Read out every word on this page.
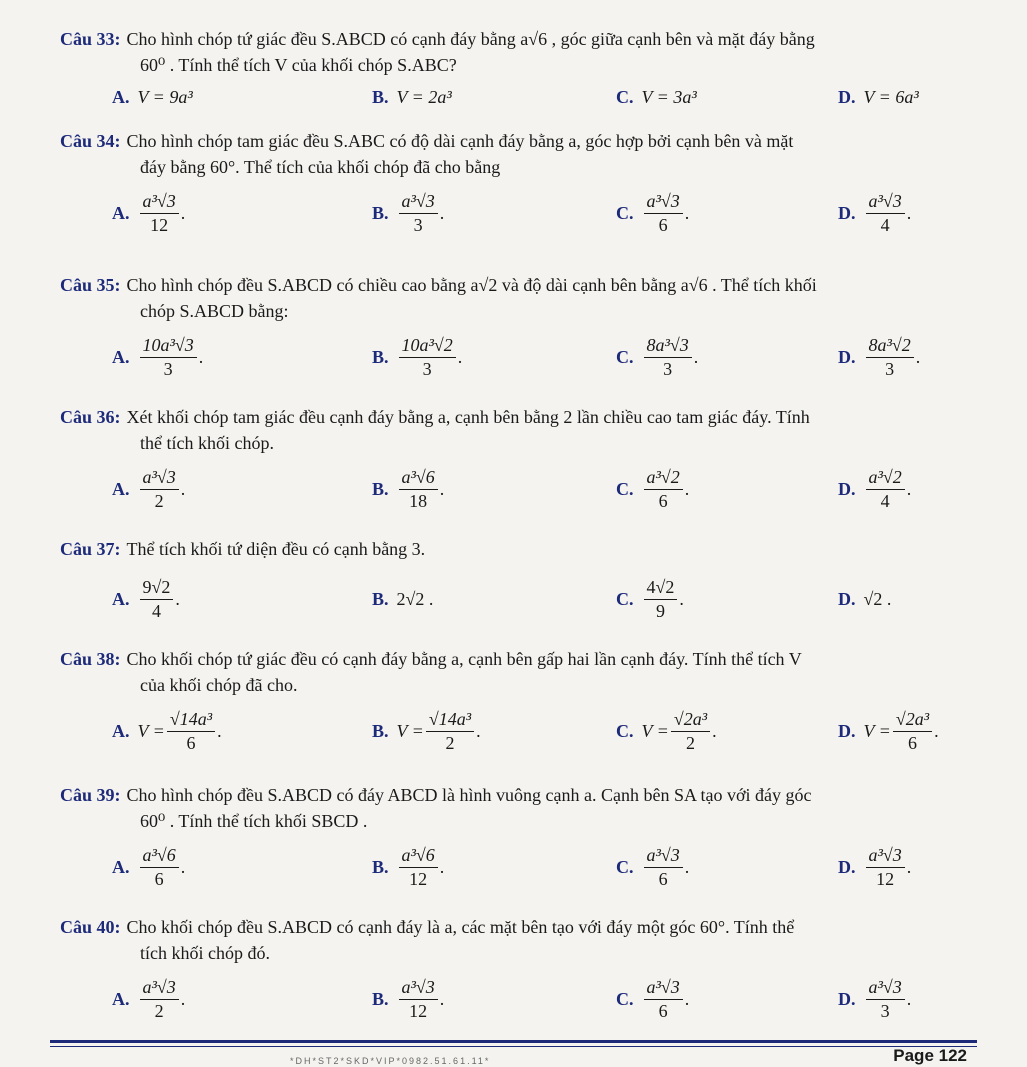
Câu 33: Cho hình chóp tứ giác đều S.ABCD có cạnh đáy bằng a√6 , góc giữa cạnh bên và mặt đáy bằng

60⁰ . Tính thể tích V của khối chóp S.ABC?
A. V = 9a³	B. V = 2a³	C. V = 3a³	D. V = 6a³

Câu 34: Cho hình chóp tam giác đều S.ABC có độ dài cạnh đáy bằng a, góc hợp bởi cạnh bên và mặt

đáy bằng 60°. Thể tích của khối chóp đã cho bằng
A. $\frac{\text{a³√3}}{12}$ .	B. $\frac{\text{a³√3}}{3}$ .	C. $\frac{\text{a³√3}}{6}$ .	D. $\frac{\text{a³√3}}{4}$ .

Câu 35: Cho hình chóp đều S.ABCD có chiều cao bằng a√2 và độ dài cạnh bên bằng a√6 . Thể tích khối

chóp S.ABCD bằng:
A. $\frac{\text{10a³√3}}{3}$ .	B. $\frac{\text{10a³√2}}{3}$ .	C. $\frac{\text{8a³√3}}{3}$ .	D. $\frac{\text{8a³√2}}{3}$ .

Câu 36: Xét khối chóp tam giác đều cạnh đáy bằng a, cạnh bên bằng 2 lần chiều cao tam giác đáy. Tính

thể tích khối chóp.
A. $\frac{\text{a³√3}}{2}$ .	B. $\frac{\text{a³√6}}{18}$ .	C. $\frac{\text{a³√2}}{6}$ .	D. $\frac{\text{a³√2}}{4}$ .

Câu 37: Thể tích khối tứ diện đều có cạnh bằng 3.

A. $\frac{9√2}{4}$ .	B. 2√2 .	C. $\frac{4√2}{9}$ .	D. √2 .

Câu 38: Cho khối chóp tứ giác đều có cạnh đáy bằng a, cạnh bên gấp hai lần cạnh đáy. Tính thể tích V

của khối chóp đã cho.
A. $V = \frac{\text{√14a³}}{6}$ .	B. $V = \frac{\text{√14a³}}{2}$ .	C. $V = \frac{\text{√2a³}}{2}$ .	D. $V = \frac{\text{√2a³}}{6}$ .

Câu 39: Cho hình chóp đều S.ABCD có đáy ABCD là hình vuông cạnh a. Cạnh bên SA tạo với đáy góc

60⁰ . Tính thể tích khối SBCD .
A. $\frac{\text{a³√6}}{6}$ .	B. $\frac{\text{a³√6}}{12}$ .	C. $\frac{\text{a³√3}}{6}$ .	D. $\frac{\text{a³√3}}{12}$ .

Câu 40: Cho khối chóp đều S.ABCD có cạnh đáy là a, các mặt bên tạo với đáy một góc 60°. Tính thể

tích khối chóp đó.
A. $\frac{\text{a³√3}}{2}$ .	B. $\frac{\text{a³√3}}{12}$ .	C. $\frac{\text{a³√3}}{6}$ .	D. $\frac{\text{a³√3}}{3}$ .
Page 122
*DH*ST2*SKD*VIP*0982.51.61.11*
